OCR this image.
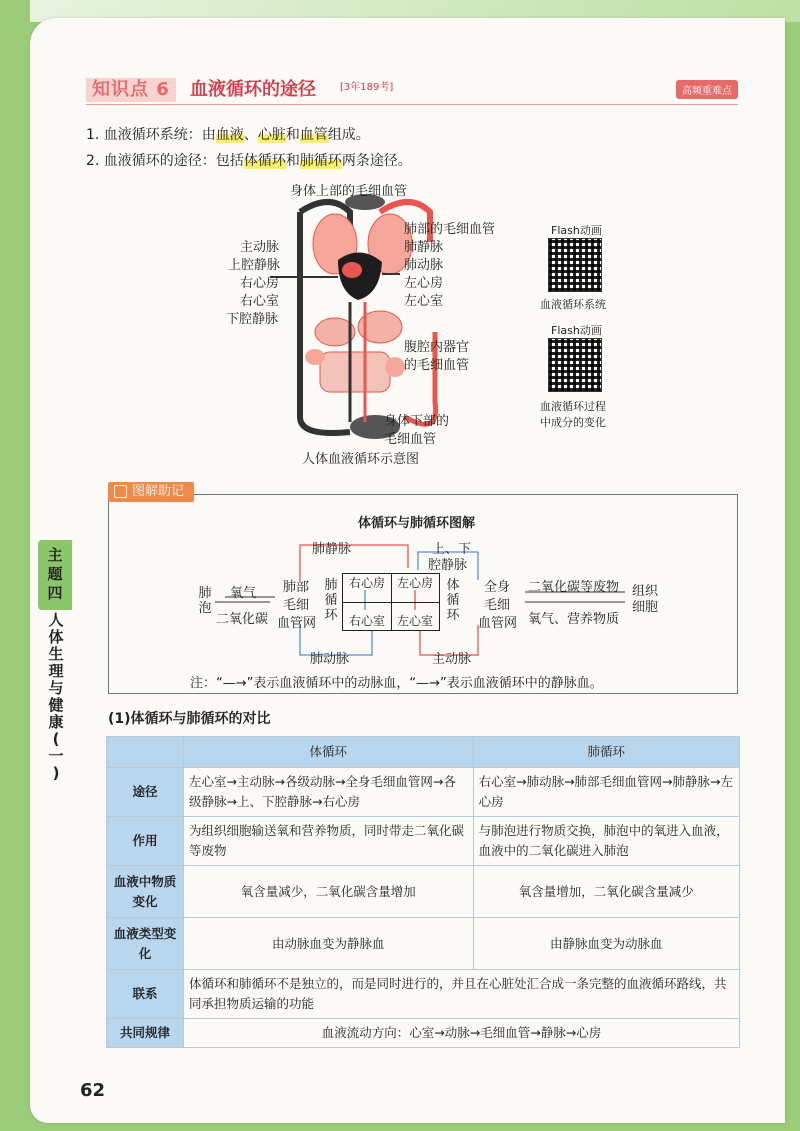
主
题
四
人
体
生
理
与
健
康
(
一
)
知识点 6	血液循环的途径 [3年189考]	高频重难点
1. 血液循环系统：由血液、心脏和血管组成。
2. 血液循环的途径：包括体循环和肺循环两条途径。
身体上部的毛细血管
主动脉
上腔静脉
右心房
右心室
下腔静脉
肺部的毛细血管
肺静脉
肺动脉
左心房
左心室
腹腔内器官
的毛细血管
身体下部的
毛细血管
人体血液循环示意图
Flash动画
血液循环系统
Flash动画
血液循环过程
中成分的变化
图解助记
体循环与肺循环图解
肺静脉	上、下
腔静脉
肺泡
氧气
二氧化碳
肺部
毛细
血管网
肺循环
右心房 左心房
右心室 左心室
体循环
全身
毛细
血管网
二氧化碳等废物
氧气、营养物质
组织细胞
肺动脉	主动脉
注：“—→”表示血液循环中的动脉血，“—→”表示血液循环中的静脉血。
(1)体循环与肺循环的对比
	体循环	肺循环
途径	左心室→主动脉→各级动脉→全身毛细血管网→各级静脉→上、下腔静脉→右心房	右心室→肺动脉→肺部毛细血管网→肺静脉→左心房
作用	为组织细胞输送氧和营养物质，同时带走二氧化碳等废物	与肺泡进行物质交换，肺泡中的氧进入血液，血液中的二氧化碳进入肺泡
血液中物质变化	氧含量减少，二氧化碳含量增加	氧含量增加，二氧化碳含量减少
血液类型变化	由动脉血变为静脉血	由静脉血变为动脉血
联系	体循环和肺循环不是独立的，而是同时进行的，并且在心脏处汇合成一条完整的血液循环路线，共同承担物质运输的功能	
共同规律	血液流动方向：心室→动脉→毛细血管→静脉→心房	
62
